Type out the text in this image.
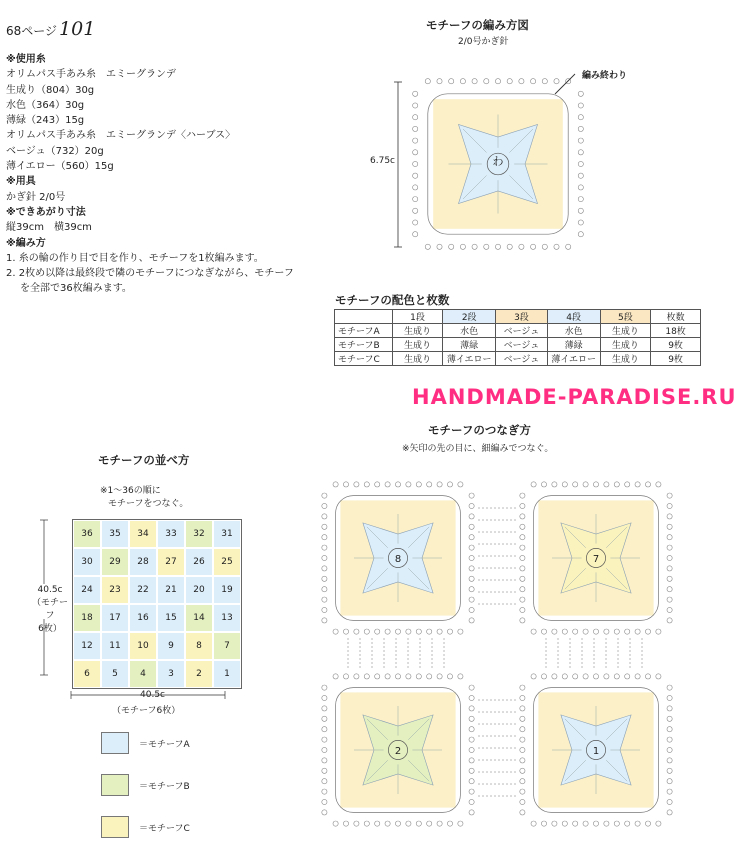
68ページ 101
※使用糸
オリムパス手あみ糸　エミーグランデ
生成り（804）30g
水色（364）30g
薄緑（243）15g
オリムパス手あみ糸　エミーグランデ〈ハーブス〉
ベージュ（732）20g
薄イエロー（560）15g
※用具
かぎ針 2/0号
※できあがり寸法
縦39cm　横39cm
※編み方
1. 糸の輪の作り目で目を作り、モチーフを1枚編みます。
2. 2枚め以降は最終段で隣のモチーフにつなぎながら、モチーフを全部で36枚編みます。
モチーフの編み方図
2/0号かぎ針
編み終わり
6.75c	わ
モチーフの配色と枚数
	1段	2段	3段	4段	5段	枚数
モチーフA	生成り	水色	ベージュ	水色	生成り	18枚
モチーフB	生成り	薄緑	ベージュ	薄緑	生成り	9枚
モチーフC	生成り	薄イエロー	ベージュ	薄イエロー	生成り	9枚
HANDMADE-PARADISE.RU
モチーフの並べ方
※1〜36の順に
モチーフをつなぐ。
40.5c
（モチーフ
6枚）
36	35	34	33	32	31
30	29	28	27	26	25
24	23	22	21	20	19
18	17	16	15	14	13
12	11	10	9	8	7
6	5	4	3	2	1
40.5c
（モチーフ6枚）
＝モチーフA
＝モチーフB
＝モチーフC
モチーフのつなぎ方
※矢印の先の目に、細編みでつなぐ。
8	7
2	1
